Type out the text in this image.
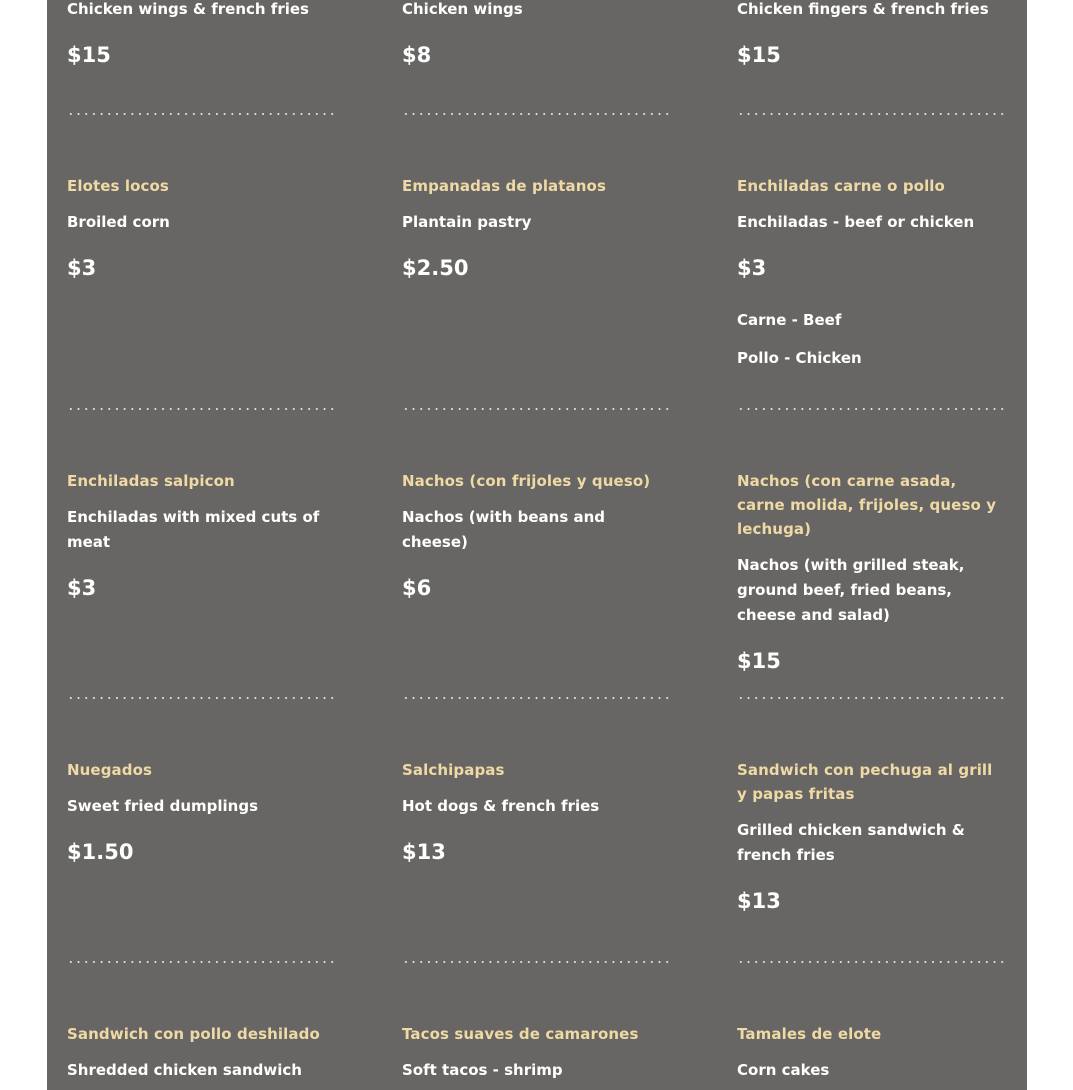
Chicken wings & french fries
$15
Chicken wings
$8
Chicken fingers & french fries
$15
Elotes locos
Broiled corn
$3
Empanadas de platanos
Plantain pastry
$2.50
Enchiladas carne o pollo
Enchiladas - beef or chicken
$3
Carne - Beef
Pollo - Chicken
Enchiladas salpicon
Enchiladas with mixed cuts of meat
$3
Nachos (con frijoles y queso)
Nachos (with beans and cheese)
$6
Nachos (con carne asada, carne molida, frijoles, queso y lechuga)
Nachos (with grilled steak, ground beef, fried beans, cheese and salad)
$15
Nuegados
Sweet fried dumplings
$1.50
Salchipapas
Hot dogs & french fries
$13
Sandwich con pechuga al grill y papas fritas
Grilled chicken sandwich & french fries
$13
Sandwich con pollo deshilado
Shredded chicken sandwich
Tacos suaves de camarones
Soft tacos - shrimp
Tamales de elote
Corn cakes
